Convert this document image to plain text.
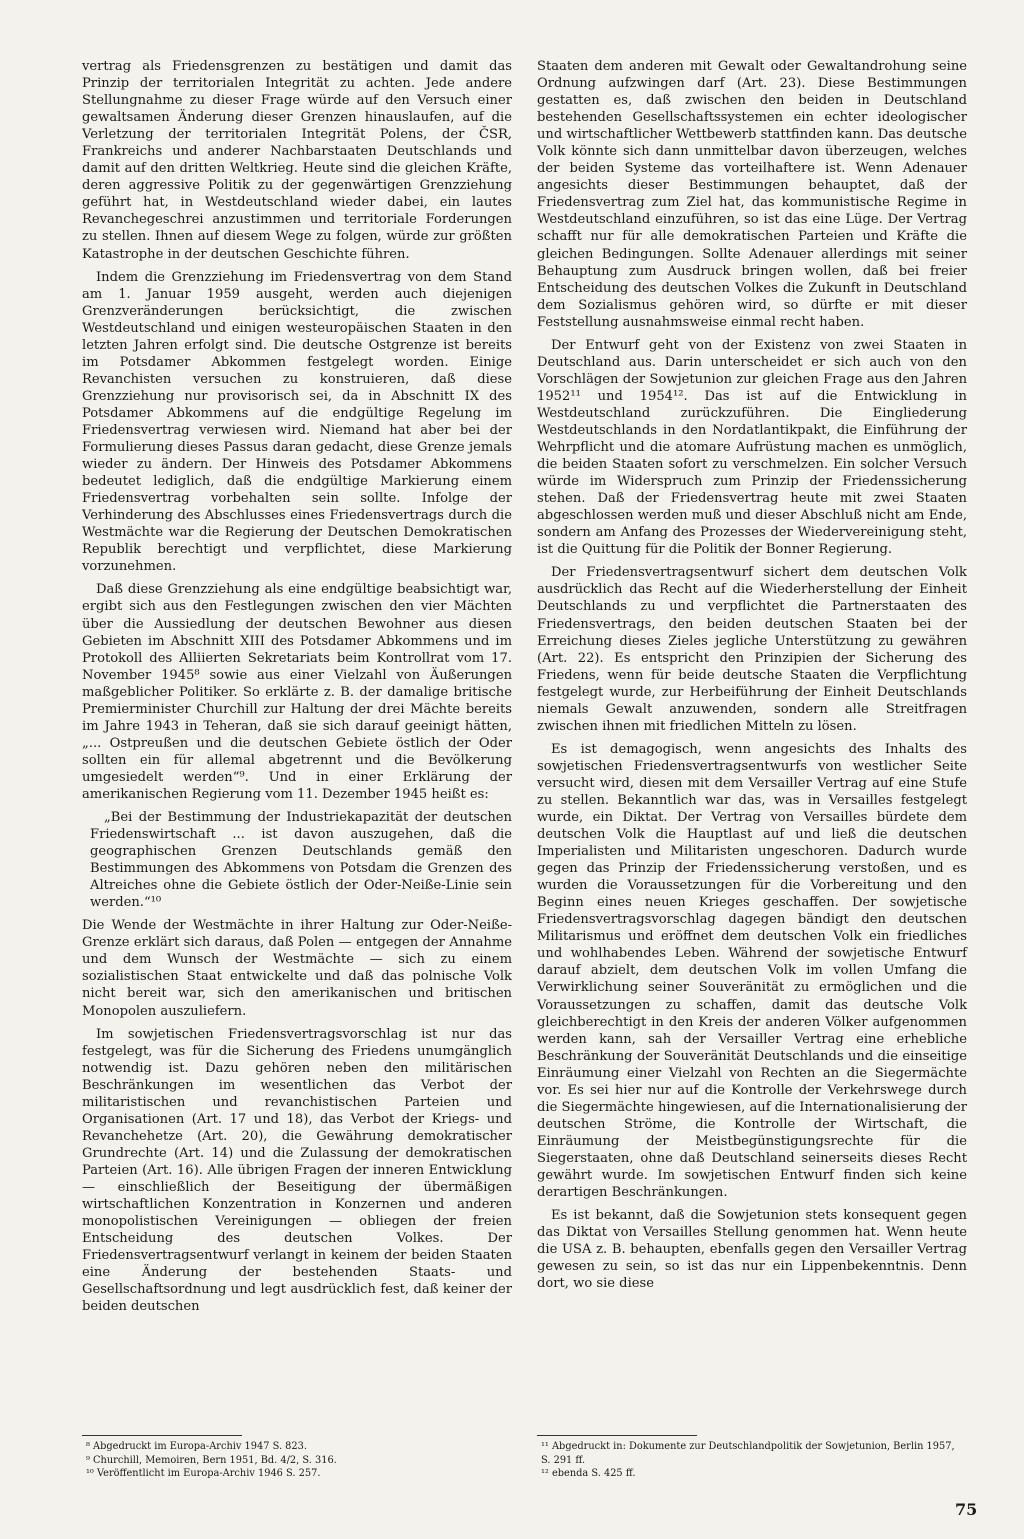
vertrag als Friedensgrenzen zu bestätigen und damit das Prinzip der territorialen Integrität zu achten. Jede andere Stellungnahme zu dieser Frage würde auf den Versuch einer gewaltsamen Änderung dieser Grenzen hinauslaufen, auf die Verletzung der territorialen Integrität Polens, der ČSR, Frankreichs und anderer Nachbarstaaten Deutschlands und damit auf den dritten Weltkrieg. Heute sind die gleichen Kräfte, deren aggressive Politik zu der gegenwärtigen Grenzziehung geführt hat, in Westdeutschland wieder dabei, ein lautes Revanchegeschrei anzustimmen und territoriale Forderungen zu stellen. Ihnen auf diesem Wege zu folgen, würde zur größten Katastrophe in der deutschen Geschichte führen.

Indem die Grenzziehung im Friedensvertrag von dem Stand am 1. Januar 1959 ausgeht, werden auch diejenigen Grenzveränderungen berücksichtigt, die zwischen Westdeutschland und einigen westeuropäischen Staaten in den letzten Jahren erfolgt sind. Die deutsche Ostgrenze ist bereits im Potsdamer Abkommen festgelegt worden. Einige Revanchisten versuchen zu konstruieren, daß diese Grenzziehung nur provisorisch sei, da in Abschnitt IX des Potsdamer Abkommens auf die endgültige Regelung im Friedensvertrag verwiesen wird. Niemand hat aber bei der Formulierung dieses Passus daran gedacht, diese Grenze jemals wieder zu ändern. Der Hinweis des Potsdamer Abkommens bedeutet lediglich, daß die endgültige Markierung einem Friedensvertrag vorbehalten sein sollte. Infolge der Verhinderung des Abschlusses eines Friedensvertrags durch die Westmächte war die Regierung der Deutschen Demokratischen Republik berechtigt und verpflichtet, diese Markierung vorzunehmen.

Daß diese Grenzziehung als eine endgültige beabsichtigt war, ergibt sich aus den Festlegungen zwischen den vier Mächten über die Aussiedlung der deutschen Bewohner aus diesen Gebieten im Abschnitt XIII des Potsdamer Abkommens und im Protokoll des Alliierten Sekretariats beim Kontrollrat vom 17. November 1945⁸ sowie aus einer Vielzahl von Äußerungen maßgeblicher Politiker. So erklärte z. B. der damalige britische Premierminister Churchill zur Haltung der drei Mächte bereits im Jahre 1943 in Teheran, daß sie sich darauf geeinigt hätten, „... Ostpreußen und die deutschen Gebiete östlich der Oder sollten ein für allemal abgetrennt und die Bevölkerung umgesiedelt werden“⁹. Und in einer Erklärung der amerikanischen Regierung vom 11. Dezember 1945 heißt es:

„Bei der Bestimmung der Industriekapazität der deutschen Friedenswirtschaft ... ist davon auszugehen, daß die geographischen Grenzen Deutschlands gemäß den Bestimmungen des Abkommens von Potsdam die Grenzen des Altreiches ohne die Gebiete östlich der Oder-Neiße-Linie sein werden.“¹⁰

Die Wende der Westmächte in ihrer Haltung zur Oder-Neiße-Grenze erklärt sich daraus, daß Polen — entgegen der Annahme und dem Wunsch der Westmächte — sich zu einem sozialistischen Staat entwickelte und daß das polnische Volk nicht bereit war, sich den amerikanischen und britischen Monopolen auszuliefern.

Im sowjetischen Friedensvertragsvorschlag ist nur das festgelegt, was für die Sicherung des Friedens unumgänglich notwendig ist. Dazu gehören neben den militärischen Beschränkungen im wesentlichen das Verbot der militaristischen und revanchistischen Parteien und Organisationen (Art. 17 und 18), das Verbot der Kriegs- und Revanchehetze (Art. 20), die Gewährung demokratischer Grundrechte (Art. 14) und die Zulassung der demokratischen Parteien (Art. 16). Alle übrigen Fragen der inneren Entwicklung — einschließlich der Beseitigung der übermäßigen wirtschaftlichen Konzentration in Konzernen und anderen monopolistischen Vereinigungen — obliegen der freien Entscheidung des deutschen Volkes. Der Friedensvertragsentwurf verlangt in keinem der beiden Staaten eine Änderung der bestehenden Staats- und Gesellschaftsordnung und legt ausdrücklich fest, daß keiner der beiden deutschen

Staaten dem anderen mit Gewalt oder Gewaltandrohung seine Ordnung aufzwingen darf (Art. 23). Diese Bestimmungen gestatten es, daß zwischen den beiden in Deutschland bestehenden Gesellschaftssystemen ein echter ideologischer und wirtschaftlicher Wettbewerb stattfinden kann. Das deutsche Volk könnte sich dann unmittelbar davon überzeugen, welches der beiden Systeme das vorteilhaftere ist. Wenn Adenauer angesichts dieser Bestimmungen behauptet, daß der Friedensvertrag zum Ziel hat, das kommunistische Regime in Westdeutschland einzuführen, so ist das eine Lüge. Der Vertrag schafft nur für alle demokratischen Parteien und Kräfte die gleichen Bedingungen. Sollte Adenauer allerdings mit seiner Behauptung zum Ausdruck bringen wollen, daß bei freier Entscheidung des deutschen Volkes die Zukunft in Deutschland dem Sozialismus gehören wird, so dürfte er mit dieser Feststellung ausnahmsweise einmal recht haben.

Der Entwurf geht von der Existenz von zwei Staaten in Deutschland aus. Darin unterscheidet er sich auch von den Vorschlägen der Sowjetunion zur gleichen Frage aus den Jahren 1952¹¹ und 1954¹². Das ist auf die Entwicklung in Westdeutschland zurückzuführen. Die Eingliederung Westdeutschlands in den Nordatlantikpakt, die Einführung der Wehrpflicht und die atomare Aufrüstung machen es unmöglich, die beiden Staaten sofort zu verschmelzen. Ein solcher Versuch würde im Widerspruch zum Prinzip der Friedenssicherung stehen. Daß der Friedensvertrag heute mit zwei Staaten abgeschlossen werden muß und dieser Abschluß nicht am Ende, sondern am Anfang des Prozesses der Wiedervereinigung steht, ist die Quittung für die Politik der Bonner Regierung.

Der Friedensvertragsentwurf sichert dem deutschen Volk ausdrücklich das Recht auf die Wiederherstellung der Einheit Deutschlands zu und verpflichtet die Partnerstaaten des Friedensvertrags, den beiden deutschen Staaten bei der Erreichung dieses Zieles jegliche Unterstützung zu gewähren (Art. 22). Es entspricht den Prinzipien der Sicherung des Friedens, wenn für beide deutsche Staaten die Verpflichtung festgelegt wurde, zur Herbeiführung der Einheit Deutschlands niemals Gewalt anzuwenden, sondern alle Streitfragen zwischen ihnen mit friedlichen Mitteln zu lösen.

Es ist demagogisch, wenn angesichts des Inhalts des sowjetischen Friedensvertragsentwurfs von westlicher Seite versucht wird, diesen mit dem Versailler Vertrag auf eine Stufe zu stellen. Bekanntlich war das, was in Versailles festgelegt wurde, ein Diktat. Der Vertrag von Versailles bürdete dem deutschen Volk die Hauptlast auf und ließ die deutschen Imperialisten und Militaristen ungeschoren. Dadurch wurde gegen das Prinzip der Friedenssicherung verstoßen, und es wurden die Voraussetzungen für die Vorbereitung und den Beginn eines neuen Krieges geschaffen. Der sowjetische Friedensvertragsvorschlag dagegen bändigt den deutschen Militarismus und eröffnet dem deutschen Volk ein friedliches und wohlhabendes Leben. Während der sowjetische Entwurf darauf abzielt, dem deutschen Volk im vollen Umfang die Verwirklichung seiner Souveränität zu ermöglichen und die Voraussetzungen zu schaffen, damit das deutsche Volk gleichberechtigt in den Kreis der anderen Völker aufgenommen werden kann, sah der Versailler Vertrag eine erhebliche Beschränkung der Souveränität Deutschlands und die einseitige Einräumung einer Vielzahl von Rechten an die Siegermächte vor. Es sei hier nur auf die Kontrolle der Verkehrswege durch die Siegermächte hingewiesen, auf die Internationalisierung der deutschen Ströme, die Kontrolle der Wirtschaft, die Einräumung der Meistbegünstigungsrechte für die Siegerstaaten, ohne daß Deutschland seinerseits dieses Recht gewährt wurde. Im sowjetischen Entwurf finden sich keine derartigen Beschränkungen.

Es ist bekannt, daß die Sowjetunion stets konsequent gegen das Diktat von Versailles Stellung genommen hat. Wenn heute die USA z. B. behaupten, ebenfalls gegen den Versailler Vertrag gewesen zu sein, so ist das nur ein Lippenbekenntnis. Denn dort, wo sie diese

⁸ Abgedruckt im Europa-Archiv 1947 S. 823.

⁹ Churchill, Memoiren, Bern 1951, Bd. 4/2, S. 316.

¹⁰ Veröffentlicht im Europa-Archiv 1946 S. 257.

¹¹ Abgedruckt in: Dokumente zur Deutschlandpolitik der Sowjetunion, Berlin 1957, S. 291 ff.

¹² ebenda S. 425 ff.

75
